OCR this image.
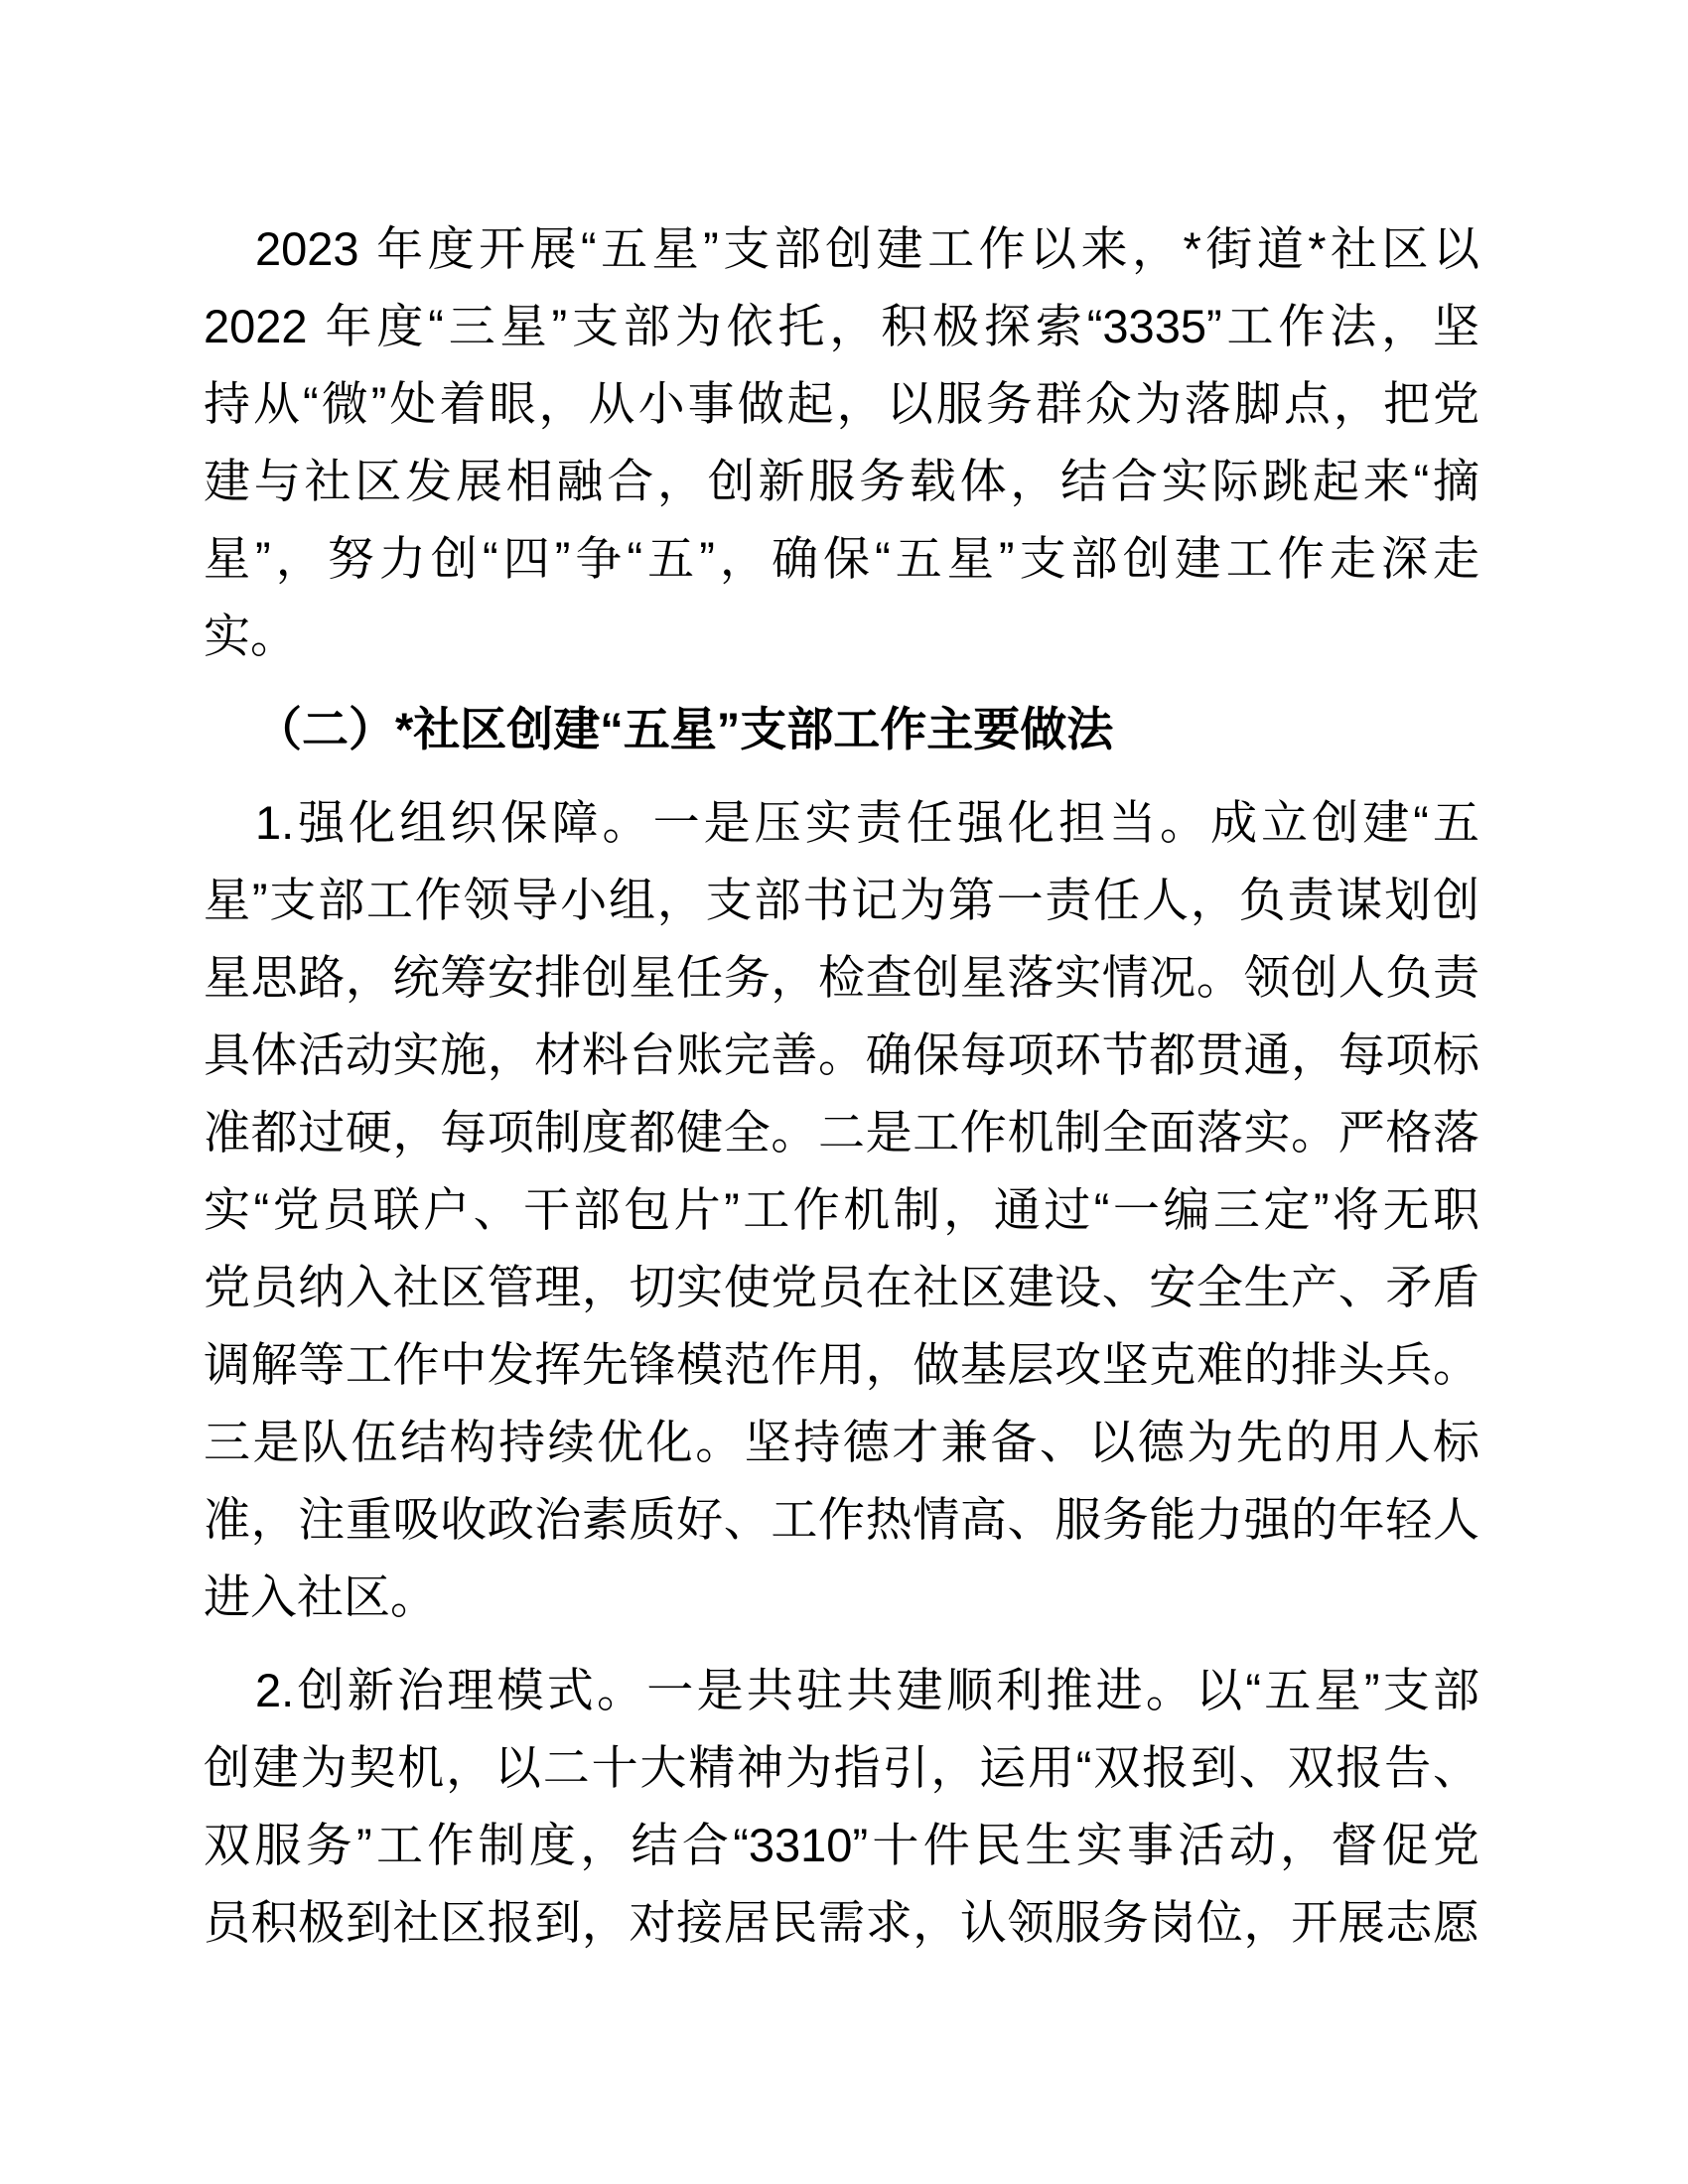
2023 年度开展“五星”支部创建工作以来，*街道*社区以
2022 年度“三星”支部为依托，积极探索“3335”工作法，坚
持从“微”处着眼，从小事做起，以服务群众为落脚点，把党
建与社区发展相融合，创新服务载体，结合实际跳起来“摘
星”，努力创“四”争“五”，确保“五星”支部创建工作走深走
实。
（二）*社区创建“五星”支部工作主要做法
1.强化组织保障。一是压实责任强化担当。成立创建“五
星”支部工作领导小组，支部书记为第一责任人，负责谋划创
星思路，统筹安排创星任务，检查创星落实情况。领创人负责
具体活动实施，材料台账完善。确保每项环节都贯通，每项标
准都过硬，每项制度都健全。二是工作机制全面落实。严格落
实“党员联户、干部包片”工作机制，通过“一编三定”将无职
党员纳入社区管理，切实使党员在社区建设、安全生产、矛盾
调解等工作中发挥先锋模范作用，做基层攻坚克难的排头兵。
三是队伍结构持续优化。坚持德才兼备、以德为先的用人标
准，注重吸收政治素质好、工作热情高、服务能力强的年轻人
进入社区。
2.创新治理模式。一是共驻共建顺利推进。以“五星”支部
创建为契机，以二十大精神为指引，运用“双报到、双报告、
双服务”工作制度，结合“3310”十件民生实事活动，督促党
员积极到社区报到，对接居民需求，认领服务岗位，开展志愿
